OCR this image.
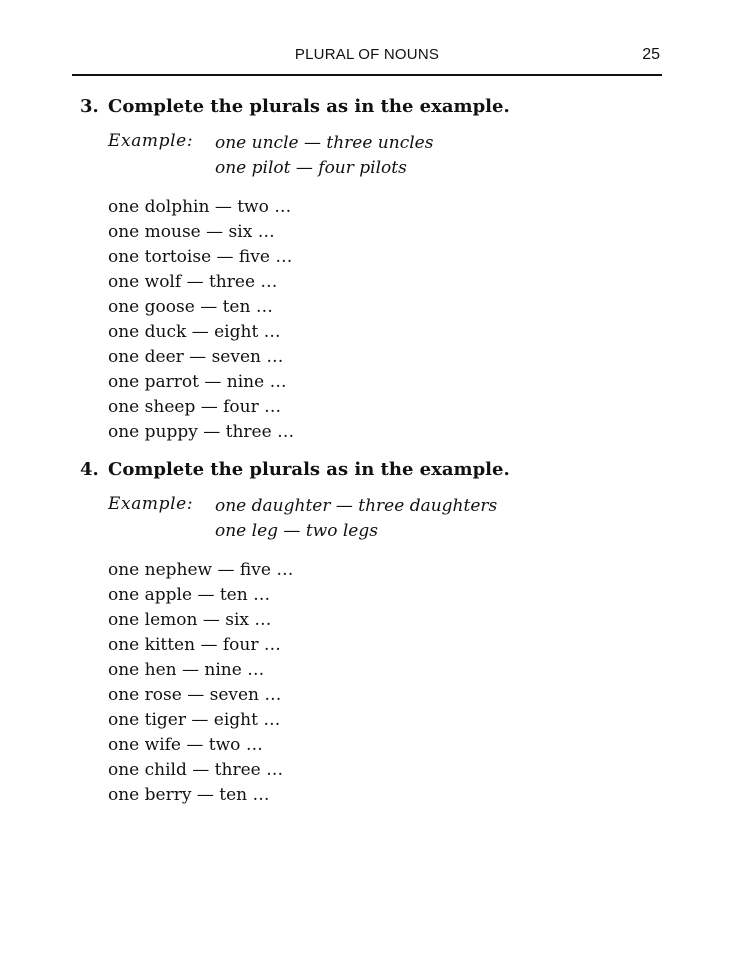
PLURAL OF NOUNS	25
3. Complete the plurals as in the example.
Example: one uncle — three uncles
one pilot — four pilots
one dolphin — two …
one mouse — six …
one tortoise — five …
one wolf — three …
one goose — ten …
one duck — eight …
one deer — seven …
one parrot — nine …
one sheep — four …
one puppy — three …
4. Complete the plurals as in the example.
Example: one daughter — three daughters
one leg — two legs
one nephew — five …
one apple — ten …
one lemon — six …
one kitten — four …
one hen — nine …
one rose — seven …
one tiger — eight …
one wife — two …
one child — three …
one berry — ten …
